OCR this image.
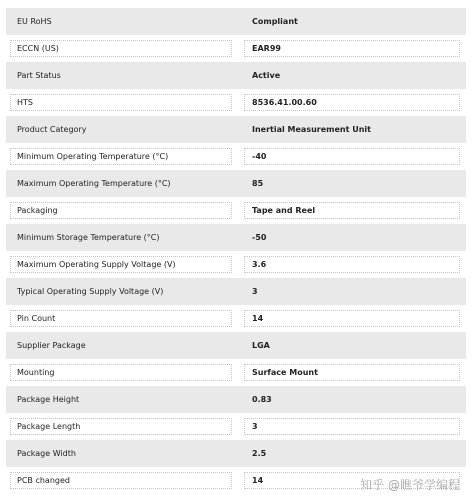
EU RoHS	Compliant
ECCN (US)	EAR99
Part Status	Active
HTS	8536.41.00.60
Product Category	Inertial Measurement Unit
Minimum Operating Temperature (°C)	-40
Maximum Operating Temperature (°C)	85
Packaging	Tape and Reel
Minimum Storage Temperature (°C)	-50
Maximum Operating Supply Voltage (V)	3.6
Typical Operating Supply Voltage (V)	3
Pin Count	14
Supplier Package	LGA
Mounting	Surface Mount
Package Height	0.83
Package Length	3
Package Width	2.5
PCB changed	14	知乎 @瞧爷学编程
